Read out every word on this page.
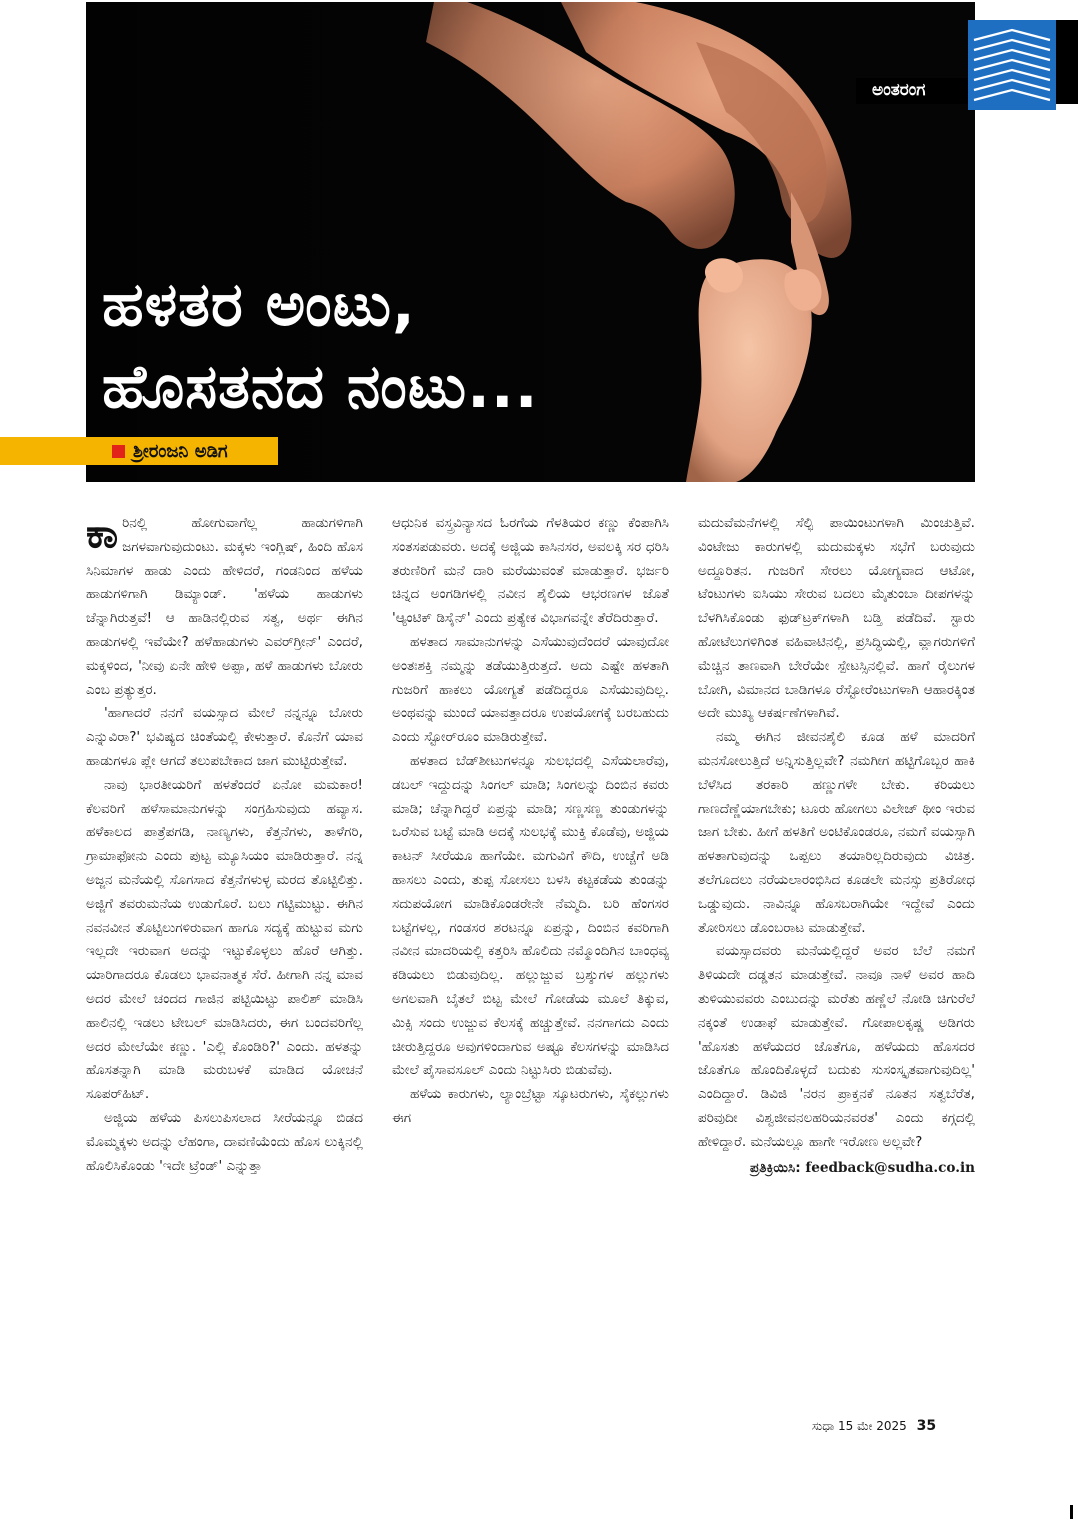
ಹಳತರ ಅಂಟು,
ಹೊಸತನದ ನಂಟು...
ಶ್ರೀರಂಜನಿ ಅಡಿಗ
ಅಂತರಂಗ

ಕಾರಿನಲ್ಲಿ ಹೋಗುವಾಗೆಲ್ಲ ಹಾಡುಗಳಿಗಾಗಿ ಜಗಳವಾಗುವುದುಂಟು. ಮಕ್ಕಳು ಇಂಗ್ಲಿಷ್, ಹಿಂದಿ ಹೊಸ ಸಿನಿಮಾಗಳ ಹಾಡು ಎಂದು ಹೇಳಿದರೆ, ಗಂಡನಿಂದ ಹಳೆಯ ಹಾಡುಗಳಿಗಾಗಿ ಡಿಮ್ಯಾಂಡ್. 'ಹಳೆಯ ಹಾಡುಗಳು ಚೆನ್ನಾಗಿರುತ್ತವೆ! ಆ ಹಾಡಿನಲ್ಲಿರುವ ಸತ್ವ, ಅರ್ಥ ಈಗಿನ ಹಾಡುಗಳಲ್ಲಿ ಇವೆಯೇ? ಹಳೆಹಾಡುಗಳು ಎವರ್‌ಗ್ರೀನ್' ಎಂದರೆ, ಮಕ್ಕಳಿಂದ, 'ನೀವು ಏನೇ ಹೇಳಿ ಅಪ್ಪಾ, ಹಳೆ ಹಾಡುಗಳು ಬೋರು ಎಂಬ ಪ್ರತ್ಯುತ್ತರ.

'ಹಾಗಾದರೆ ನನಗೆ ವಯಸ್ಸಾದ ಮೇಲೆ ನನ್ನನ್ನೂ ಬೋರು ಎನ್ನುವಿರಾ?' ಭವಿಷ್ಯದ ಚಿಂತೆಯಲ್ಲಿ ಕೇಳುತ್ತಾರೆ. ಕೊನೆಗೆ ಯಾವ ಹಾಡುಗಳೂ ಪ್ಲೇ ಆಗದೆ ತಲುಪಬೇಕಾದ ಜಾಗ ಮುಟ್ಟಿರುತ್ತೇವೆ.

ನಾವು ಭಾರತೀಯರಿಗೆ ಹಳತೆಂದರೆ ಏನೋ ಮಮಕಾರ! ಕೆಲವರಿಗೆ ಹಳೆಸಾಮಾನುಗಳನ್ನು ಸಂಗ್ರಹಿಸುವುದು ಹವ್ಯಾಸ. ಹಳೆಕಾಲದ ಪಾತ್ರೆಪಗಡಿ, ನಾಣ್ಯಗಳು, ಕೆತ್ತನೆಗಳು, ತಾಳೆಗರಿ, ಗ್ರಾಮಾಫೋನು ಎಂದು ಪುಟ್ಟ ಮ್ಯೂಸಿಯಂ ಮಾಡಿರುತ್ತಾರೆ. ನನ್ನ ಅಜ್ಜನ ಮನೆಯಲ್ಲಿ ಸೊಗಸಾದ ಕೆತ್ತನೆಗಳುಳ್ಳ ಮರದ ತೊಟ್ಟಿಲಿತ್ತು. ಅಜ್ಜಿಗೆ ತವರುಮನೆಯ ಉಡುಗೊರೆ. ಬಲು ಗಟ್ಟಿಮುಟ್ಟು. ಈಗಿನ ನವನವೀನ ತೊಟ್ಟಿಲುಗಳಿರುವಾಗ ಹಾಗೂ ಸದ್ಯಕ್ಕೆ ಹುಟ್ಟುವ ಮಗು ಇಲ್ಲದೇ ಇರುವಾಗ ಅದನ್ನು ಇಟ್ಟುಕೊಳ್ಳಲು ಹೊರೆ ಆಗಿತ್ತು. ಯಾರಿಗಾದರೂ ಕೊಡಲು ಭಾವನಾತ್ಮಕ ಸೆರೆ. ಹೀಗಾಗಿ ನನ್ನ ಮಾವ ಅದರ ಮೇಲೆ ಚಂದದ ಗಾಜಿನ ಪಟ್ಟಿಯಿಟ್ಟು ಪಾಲಿಶ್ ಮಾಡಿಸಿ ಹಾಲಿನಲ್ಲಿ ಇಡಲು ಟೇಬಲ್ ಮಾಡಿಸಿದರು, ಈಗ ಬಂದವರಿಗೆಲ್ಲ ಅದರ ಮೇಲೆಯೇ ಕಣ್ಣು. 'ಎಲ್ಲಿ ಕೊಂಡಿರಿ?' ಎಂದು. ಹಳತನ್ನು ಹೊಸತನ್ನಾಗಿ ಮಾಡಿ ಮರುಬಳಕೆ ಮಾಡಿದ ಯೋಚನೆ ಸೂಪರ್‌ಹಿಟ್.

ಅಜ್ಜಿಯ ಹಳೆಯ ಪಿಸಲುಪಿಸಲಾದ ಸೀರೆಯನ್ನೂ ಬಿಡದ ಮೊಮ್ಮಕ್ಕಳು ಅದನ್ನು ಲೆಹಂಗಾ, ದಾವಣಿಯೆಂದು ಹೊಸ ಲುಕ್ಕಿನಲ್ಲಿ ಹೊಲಿಸಿಕೊಂಡು 'ಇದೇ ಟ್ರೆಂಡ್' ಎನ್ನುತ್ತಾ

ಆಧುನಿಕ ವಸ್ತ್ರವಿನ್ಯಾಸದ ಓರಗೆಯ ಗೆಳತಿಯರ ಕಣ್ಣು ಕೆಂಪಾಗಿಸಿ ಸಂತಸಪಡುವರು. ಅದಕ್ಕೆ ಅಜ್ಜಿಯ ಕಾಸಿನಸರ, ಅವಲಕ್ಕಿ ಸರ ಧರಿಸಿ ತರುಣಿರಿಗೆ ಮನೆ ದಾರಿ ಮರೆಯುವಂತೆ ಮಾಡುತ್ತಾರೆ. ಭರ್ಜರಿ ಚಿನ್ನದ ಅಂಗಡಿಗಳಲ್ಲಿ ನವೀನ ಶೈಲಿಯ ಆಭರಣಗಳ ಜೊತೆ 'ಆ್ಯಂಟಿಕ್ ಡಿಸೈನ್' ಎಂದು ಪ್ರತ್ಯೇಕ ವಿಭಾಗವನ್ನೇ ತೆರೆದಿರುತ್ತಾರೆ.

ಹಳತಾದ ಸಾಮಾನುಗಳನ್ನು ಎಸೆಯುವುದೆಂದರೆ ಯಾವುದೋ ಅಂತಃಶಕ್ತಿ ನಮ್ಮನ್ನು ತಡೆಯುತ್ತಿರುತ್ತದೆ. ಅದು ಎಷ್ಟೇ ಹಳತಾಗಿ ಗುಜರಿಗೆ ಹಾಕಲು ಯೋಗ್ಯತೆ ಪಡೆದಿದ್ದರೂ ಎಸೆಯುವುದಿಲ್ಲ. ಅಂಥವನ್ನು ಮುಂದೆ ಯಾವತ್ತಾದರೂ ಉಪಯೋಗಕ್ಕೆ ಬರಬಹುದು ಎಂದು ಸ್ಟೋರ್‌ರೂಂ ಮಾಡಿರುತ್ತೇವೆ.

ಹಳತಾದ ಬೆಡ್‌ಶೀಟುಗಳನ್ನೂ ಸುಲಭದಲ್ಲಿ ಎಸೆಯಲಾರೆವು, ಡಬಲ್ ಇದ್ದುದನ್ನು ಸಿಂಗಲ್ ಮಾಡಿ; ಸಿಂಗಲನ್ನು ದಿಂಬಿನ ಕವರು ಮಾಡಿ; ಚೆನ್ನಾಗಿದ್ದರೆ ಏಪ್ರನ್ನು ಮಾಡಿ; ಸಣ್ಣಸಣ್ಣ ತುಂಡುಗಳನ್ನು ಒರೆಸುವ ಬಟ್ಟೆ ಮಾಡಿ ಅದಕ್ಕೆ ಸುಲಭಕ್ಕೆ ಮುಕ್ತಿ ಕೊಡೆವು, ಅಜ್ಜಿಯ ಕಾಟನ್ ಸೀರೆಯೂ ಹಾಗೆಯೇ. ಮಗುವಿಗೆ ಕೌದಿ, ಉಚ್ಚೆಗೆ ಅಡಿ ಹಾಸಲು ಎಂದು, ತುಪ್ಪ ಸೋಸಲು ಬಳಸಿ ಕಟ್ಟಕಡೆಯ ತುಂಡನ್ನು ಸದುಪಯೋಗ ಮಾಡಿಕೊಂಡರೇನೇ ನೆಮ್ಮದಿ. ಬರಿ ಹೆಂಗಸರ ಬಟ್ಟೆಗಳಲ್ಲ, ಗಂಡಸರ ಶರಟನ್ನೂ ಏಪ್ರನ್ನು, ದಿಂಬಿನ ಕವರಿಗಾಗಿ ನವೀನ ಮಾದರಿಯಲ್ಲಿ ಕತ್ತರಿಸಿ ಹೊಲಿದು ನಮ್ಮೊಂದಿಗಿನ ಬಾಂಧವ್ಯ ಕಡಿಯಲು ಬಿಡುವುದಿಲ್ಲ. ಹಲ್ಲುಜ್ಜುವ ಬ್ರಶ್ಶುಗಳ ಹಲ್ಲುಗಳು ಅಗಲವಾಗಿ ಬೈತಲೆ ಬಿಟ್ಟ ಮೇಲೆ ಗೋಡೆಯ ಮೂಲೆ ತಿಕ್ಕುವ, ಮಿಕ್ಸಿ ಸಂದು ಉಜ್ಜುವ ಕೆಲಸಕ್ಕೆ ಹಚ್ಚುತ್ತೇವೆ. ನನಗಾಗದು ಎಂದು ಚೀರುತ್ತಿದ್ದರೂ ಅವುಗಳಿಂದಾಗುವ ಅಷ್ಟೂ ಕೆಲಸಗಳನ್ನು ಮಾಡಿಸಿದ ಮೇಲೆ ಪೈಸಾವಸೂಲ್ ಎಂದು ನಿಟ್ಟುಸಿರು ಬಿಡುವೆವು.

ಹಳೆಯ ಕಾರುಗಳು, ಲ್ಯಾಂಬ್ರೆಟ್ಟಾ ಸ್ಕೂಟರುಗಳು, ಸೈಕಲ್ಲುಗಳು ಈಗ

ಮದುವೆಮನೆಗಳಲ್ಲಿ ಸೆಲ್ಫಿ ಪಾಯಿಂಟುಗಳಾಗಿ ಮಿಂಚುತ್ತಿವೆ. ವಿಂಟೇಜು ಕಾರುಗಳಲ್ಲಿ ಮದುಮಕ್ಕಳು ಸಭೆಗೆ ಬರುವುದು ಅದ್ದೂರಿತನ. ಗುಜರಿಗೆ ಸೇರಲು ಯೋಗ್ಯವಾದ ಆಟೋ, ಟೆಂಟುಗಳು ಐಸಿಯು ಸೇರುವ ಬದಲು ಮೈತುಂಬಾ ದೀಪಗಳನ್ನು ಬೆಳಗಿಸಿಕೊಂಡು ಫುಡ್‌ಟ್ರಕ್‌ಗಳಾಗಿ ಬಡ್ತಿ ಪಡೆದಿವೆ. ಸ್ಟಾರು ಹೋಟೆಲುಗಳಿಗಿಂತ ವಹಿವಾಟಿನಲ್ಲಿ, ಪ್ರಸಿದ್ಧಿಯಲ್ಲಿ, ವ್ಲಾಗರುಗಳಿಗೆ ಮೆಚ್ಚಿನ ತಾಣವಾಗಿ ಬೇರೆಯೇ ಸ್ಪೇಟಸ್ಸಿನಲ್ಲಿವೆ. ಹಾಗೆ ರೈಲುಗಳ ಬೋಗಿ, ವಿಮಾನದ ಬಾಡಿಗಳೂ ರೆಸ್ಟೋರೆಂಟುಗಳಾಗಿ ಆಹಾರಕ್ಕಿಂತ ಅದೇ ಮುಖ್ಯ ಆಕರ್ಷಣೆಗಳಾಗಿವೆ.

ನಮ್ಮ ಈಗಿನ ಜೀವನಶೈಲಿ ಕೂಡ ಹಳೆ ಮಾದರಿಗೆ ಮನಸೋಲುತ್ತಿದೆ ಅನ್ನಿಸುತ್ತಿಲ್ಲವೇ? ನಮಗೀಗ ಹಟ್ಟಿಗೊಬ್ಬರ ಹಾಕಿ ಬೆಳೆಸಿದ ತರಕಾರಿ ಹಣ್ಣುಗಳೇ ಬೇಕು. ಕರಿಯಲು ಗಾಣದೆಣ್ಣೆಯಾಗಬೇಕು; ಟೂರು ಹೋಗಲು ವಿಲೇಜ್ ಥೀಂ ಇರುವ ಜಾಗ ಬೇಕು. ಹೀಗೆ ಹಳತಿಗೆ ಅಂಟಿಕೊಂಡರೂ, ನಮಗೆ ವಯಸ್ಸಾಗಿ ಹಳತಾಗುವುದನ್ನು ಒಪ್ಪಲು ತಯಾರಿಲ್ಲದಿರುವುದು ವಿಚಿತ್ರ. ತಲೆಗೂದಲು ನರೆಯಲಾರಂಭಿಸಿದ ಕೂಡಲೇ ಮನಸ್ಸು ಪ್ರತಿರೋಧ ಒಡ್ಡುವುದು. ನಾವಿನ್ನೂ ಹೊಸಬರಾಗಿಯೇ ಇದ್ದೇವೆ ಎಂದು ತೋರಿಸಲು ಡೊಂಬರಾಟ ಮಾಡುತ್ತೇವೆ.

ವಯಸ್ಸಾದವರು ಮನೆಯಲ್ಲಿದ್ದರೆ ಅವರ ಬೆಲೆ ನಮಗೆ ತಿಳಿಯದೇ ದಡ್ಡತನ ಮಾಡುತ್ತೇವೆ. ನಾವೂ ನಾಳೆ ಅವರ ಹಾದಿ ತುಳಿಯುವವರು ಎಂಬುದನ್ನು ಮರೆತು ಹಣ್ಣೆಲೆ ನೋಡಿ ಚಿಗುರೆಲೆ ನಕ್ಕಂತೆ ಉಡಾಫೆ ಮಾಡುತ್ತೇವೆ. ಗೋಪಾಲಕೃಷ್ಣ ಅಡಿಗರು 'ಹೊಸತು ಹಳೆಯದರ ಜೊತೆಗೂ, ಹಳೆಯದು ಹೊಸದರ ಜೊತೆಗೂ ಹೊಂದಿಕೊಳ್ಳದೆ ಬದುಕು ಸುಸಂಸ್ಕೃತವಾಗುವುದಿಲ್ಲ' ಎಂದಿದ್ದಾರೆ. ಡಿವಿಜಿ 'ನರನ ಪ್ರಾಕ್ತನಕೆ ನೂತನ ಸತ್ವಬೆರೆತ, ಪರಿವುದೀ ವಿಶ್ವಜೀವನಲಹರಿಯನವರತ' ಎಂದು ಕಗ್ಗದಲ್ಲಿ ಹೇಳಿದ್ದಾರೆ. ಮನೆಯಲ್ಲೂ ಹಾಗೇ ಇರೋಣ ಅಲ್ಲವೇ?

ಪ್ರತಿಕ್ರಿಯಿಸಿ: feedback@sudha.co.in
ಸುಧಾ 15 ಮೇ 2025 35
